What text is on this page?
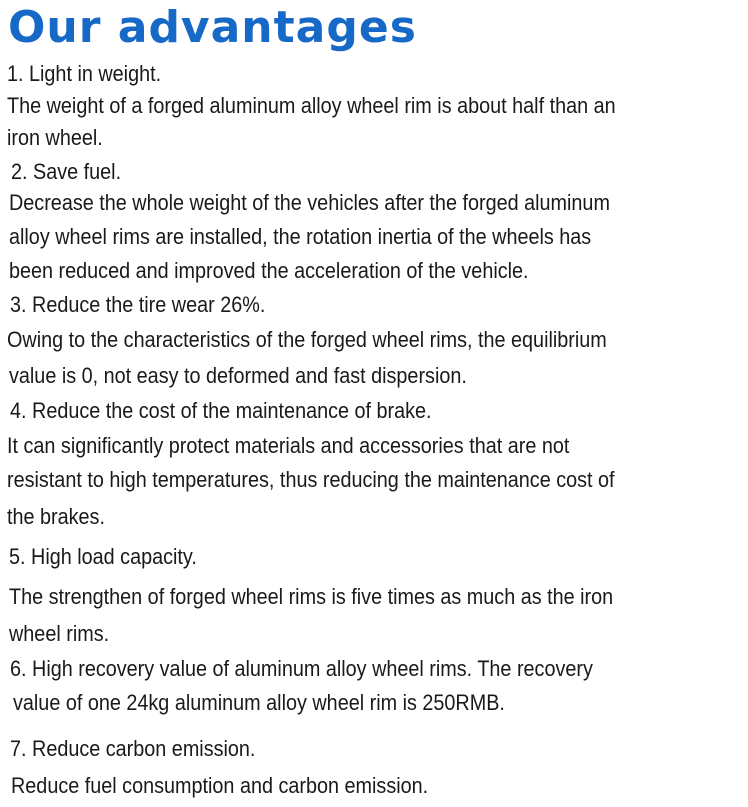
Our advantages
1. Light in weight.
The weight of a forged aluminum alloy wheel rim is about half than an
iron wheel.
2. Save fuel.
Decrease the whole weight of the vehicles after the forged aluminum
alloy wheel rims are installed, the rotation inertia of the wheels has
been reduced and improved the acceleration of the vehicle.
3. Reduce the tire wear 26%.
Owing to the characteristics of the forged wheel rims, the equilibrium
value is 0, not easy to deformed and fast dispersion.
4. Reduce the cost of the maintenance of brake.
It can significantly protect materials and accessories that are not
resistant to high temperatures, thus reducing the maintenance cost of
the brakes.
5. High load capacity.
The strengthen of forged wheel rims is five times as much as the iron
wheel rims.
6. High recovery value of aluminum alloy wheel rims. The recovery
value of one 24kg aluminum alloy wheel rim is 250RMB.
7. Reduce carbon emission.
Reduce fuel consumption and carbon emission.
